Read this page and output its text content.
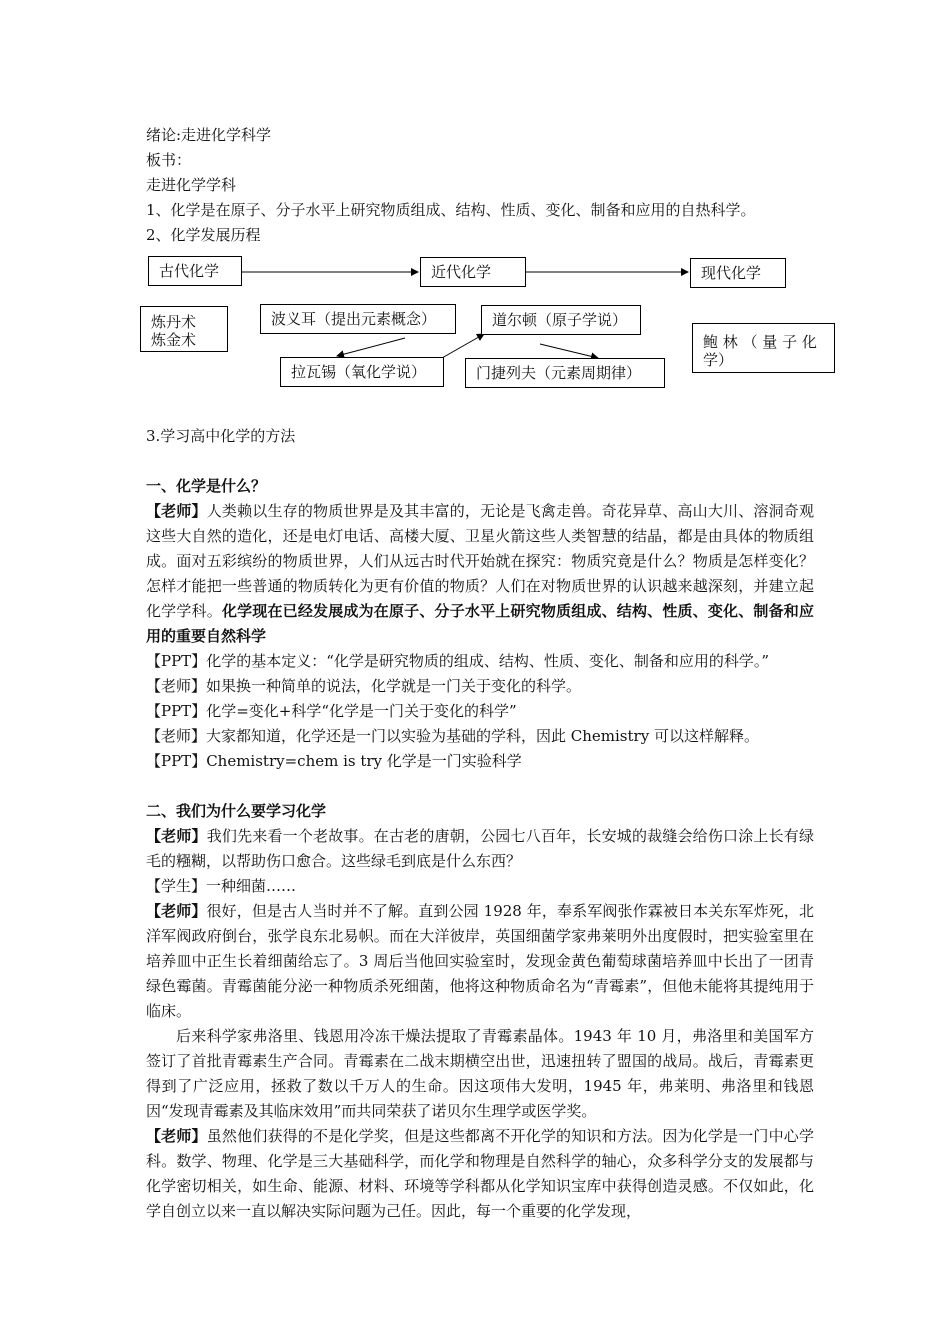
绪论:走进化学科学
板书：
走进化学学科
1、化学是在原子、分子水平上研究物质组成、结构、性质、变化、制备和应用的自热科学。
2、化学发展历程
古代化学	近代化学	现代化学
炼丹术
炼金术
波义耳（提出元素概念）	道尔顿（原子学说）
鲍 林 （ 量 子 化
学）
拉瓦锡（氧化学说）	门捷列夫（元素周期律）
3.学习高中化学的方法
一、化学是什么？
【老师】人类赖以生存的物质世界是及其丰富的，无论是飞禽走兽。奇花异草、高山大川、溶洞奇观这些大自然的造化，还是电灯电话、高楼大厦、卫星火箭这些人类智慧的结晶，都是由具体的物质组成。面对五彩缤纷的物质世界，人们从远古时代开始就在探究：物质究竟是什么？物质是怎样变化？怎样才能把一些普通的物质转化为更有价值的物质？人们在对物质世界的认识越来越深刻，并建立起化学学科。化学现在已经发展成为在原子、分子水平上研究物质组成、结构、性质、变化、制备和应用的重要自然科学
【PPT】化学的基本定义：“化学是研究物质的组成、结构、性质、变化、制备和应用的科学。”
【老师】如果换一种简单的说法，化学就是一门关于变化的科学。
【PPT】化学=变化+科学“化学是一门关于变化的科学”
【老师】大家都知道，化学还是一门以实验为基础的学科，因此 Chemistry 可以这样解释。
【PPT】Chemistry=chem is try 化学是一门实验科学
二、我们为什么要学习化学
【老师】我们先来看一个老故事。在古老的唐朝，公园七八百年，长安城的裁缝会给伤口涂上长有绿毛的糨糊，以帮助伤口愈合。这些绿毛到底是什么东西？
【学生】一种细菌……
【老师】很好，但是古人当时并不了解。直到公园 1928 年，奉系军阀张作霖被日本关东军炸死，北洋军阀政府倒台，张学良东北易帜。而在大洋彼岸，英国细菌学家弗莱明外出度假时，把实验室里在培养皿中正生长着细菌给忘了。3 周后当他回实验室时，发现金黄色葡萄球菌培养皿中长出了一团青绿色霉菌。青霉菌能分泌一种物质杀死细菌，他将这种物质命名为“青霉素”，但他未能将其提纯用于临床。
后来科学家弗洛里、钱恩用冷冻干燥法提取了青霉素晶体。1943 年 10 月，弗洛里和美国军方签订了首批青霉素生产合同。青霉素在二战末期横空出世，迅速扭转了盟国的战局。战后，青霉素更得到了广泛应用，拯救了数以千万人的生命。因这项伟大发明，1945 年，弗莱明、弗洛里和钱恩因“发现青霉素及其临床效用”而共同荣获了诺贝尔生理学或医学奖。
【老师】虽然他们获得的不是化学奖，但是这些都离不开化学的知识和方法。因为化学是一门中心学科。数学、物理、化学是三大基础科学，而化学和物理是自然科学的轴心，众多科学分支的发展都与化学密切相关，如生命、能源、材料、环境等学科都从化学知识宝库中获得创造灵感。不仅如此，化学自创立以来一直以解决实际问题为己任。因此，每一个重要的化学发现，
